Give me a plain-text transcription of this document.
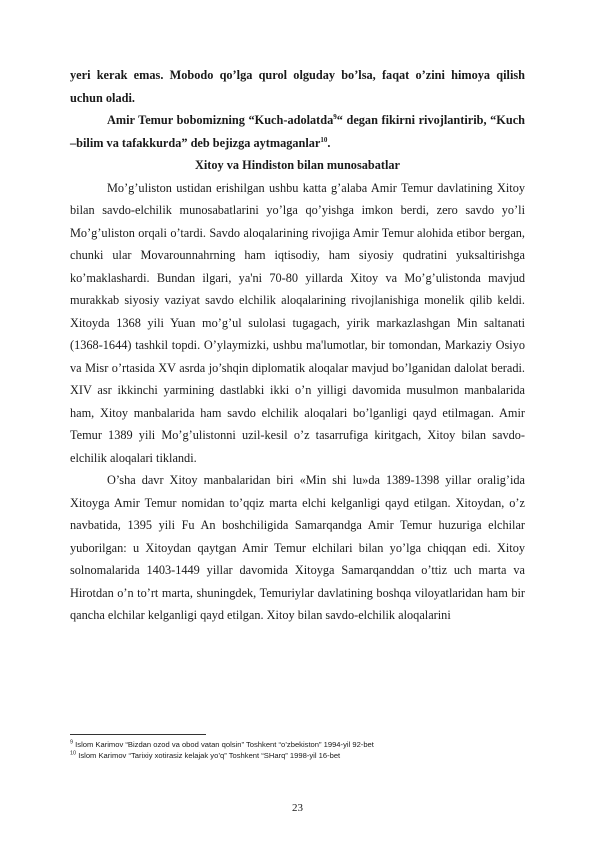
yeri kerak emas. Mobodo qo’lga qurol olguday bo’lsa, faqat o’zini himoya qilish uchun oladi.

Amir Temur bobomizning “Kuch-adolatda$^9$“ degan fikirni rivojlantirib, “Kuch –bilim va tafakkurda” deb bejizga aytmaganlar$^{10}$.

Xitoy va Hindiston bilan munosabatlar

Mo’g’uliston ustidan erishilgan ushbu katta g’alaba Amir Temur davlatining Xitoy bilan savdo-elchilik munosabatlarini yo’lga qo’yishga imkon berdi, zero savdo yo’li Mo’g’uliston orqali o’tardi. Savdo aloqalarining rivojiga Amir Temur alohida etibor bergan, chunki ular Movarounnahrning ham iqtisodiy, ham siyosiy qudratini yuksaltirishga ko’maklashardi. Bundan ilgari, ya'ni 70-80 yillarda Xitoy va Mo’g’ulistonda mavjud murakkab siyosiy vaziyat savdo elchilik aloqalarining rivojlanishiga monelik qilib keldi. Xitoyda 1368 yili Yuan mo’g’ul sulolasi tugagach, yirik markazlashgan Min saltanati (1368-1644) tashkil topdi. O’ylaymizki, ushbu ma'lumotlar, bir tomondan, Markaziy Osiyo va Misr o’rtasida XV asrda jo’shqin diplomatik aloqalar mavjud bo’lganidan dalolat beradi. XIV asr ikkinchi yarmining dastlabki ikki o’n yilligi davomida musulmon manbalarida ham, Xitoy manbalarida ham savdo elchilik aloqalari bo’lganligi qayd etilmagan. Amir Temur 1389 yili Mo’g’ulistonni uzil-kesil o’z tasarrufiga kiritgach, Xitoy bilan savdo-elchilik aloqalari tiklandi.

O’sha davr Xitoy manbalaridan biri «Min shi lu»da 1389-1398 yillar oralig’ida Xitoyga Amir Temur nomidan to’qqiz marta elchi kelganligi qayd etilgan. Xitoydan, o’z navbatida, 1395 yili Fu An boshchiligida Samarqandga Amir Temur huzuriga elchilar yuborilgan: u Xitoydan qaytgan Amir Temur elchilari bilan yo’lga chiqqan edi. Xitoy solnomalarida 1403-1449 yillar davomida Xitoyga Samarqanddan o’ttiz uch marta va Hirotdan o’n to’rt marta, shuningdek, Temuriylar davlatining boshqa viloyatlaridan ham bir qancha elchilar kelganligi qayd etilgan. Xitoy bilan savdo-elchilik aloqalarini

$^9$ Islom Karimov “Bizdan ozod va obod vatan qolsin” Toshkent “o’zbekiston” 1994-yil 92-bet
$^{10}$ Islom Karimov “Tarixiy xotirasiz kelajak yo’q” Toshkent “SHarq” 1998-yil 16-bet
23
